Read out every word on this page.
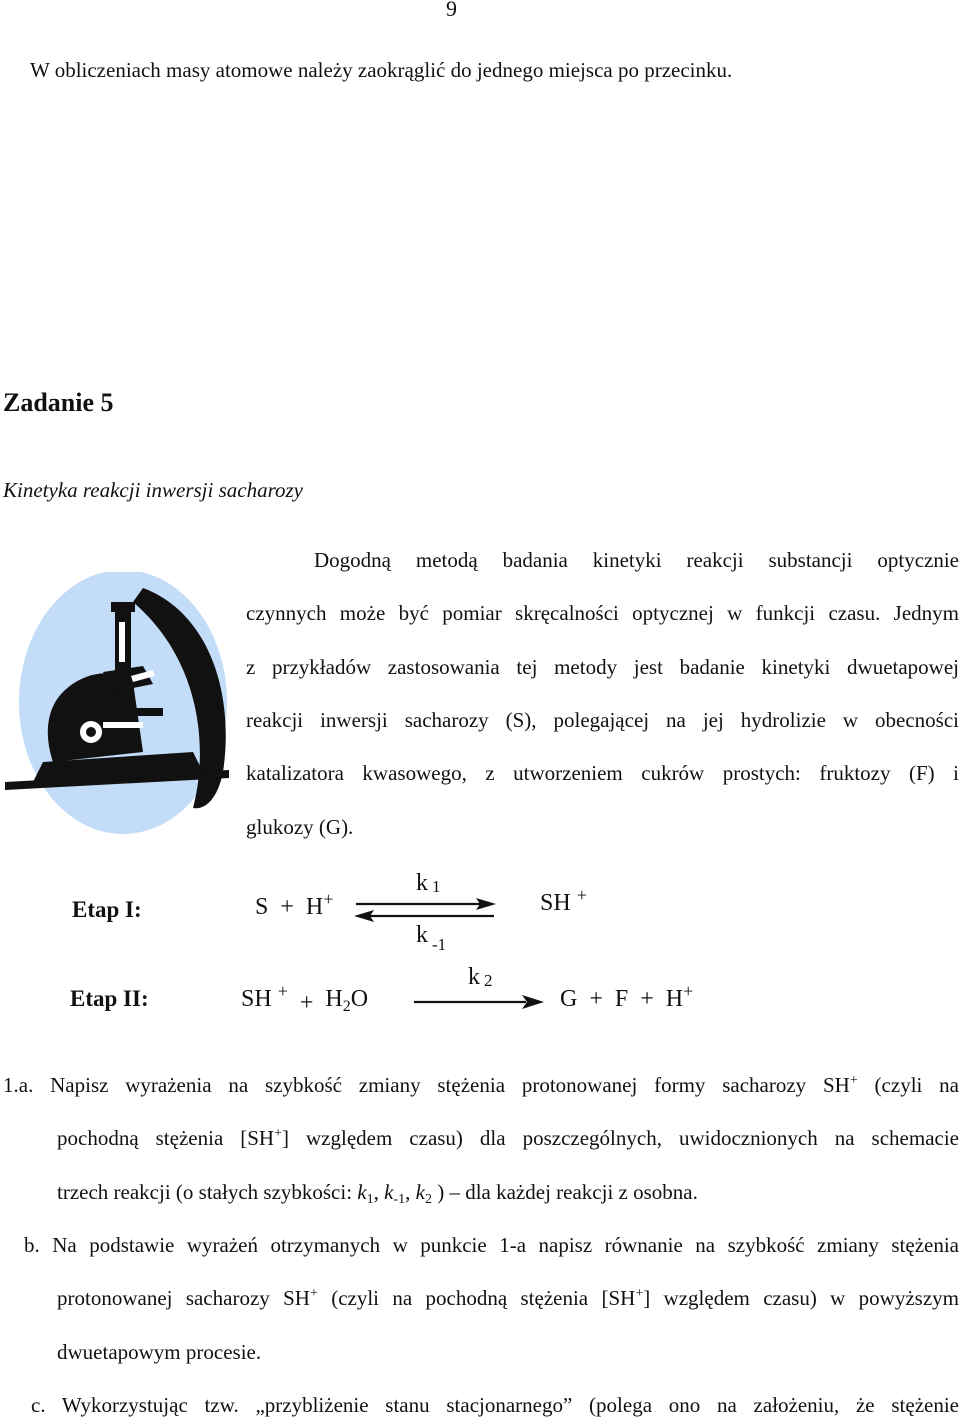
9
W obliczeniach masy atomowe należy zaokrąglić do jednego miejsca po przecinku.
Zadanie 5
Kinetyka reakcji inwersji sacharozy
Dogodną metodą badania kinetyki reakcji substancji optycznie
czynnych może być pomiar skręcalności optycznej w funkcji czasu. Jednym
z przykładów zastosowania tej metody jest badanie kinetyki dwuetapowej
reakcji inwersji sacharozy (S), polegającej na jej hydrolizie w obecności
katalizatora kwasowego, z utworzeniem cukrów prostych: fruktozy (F) i
glukozy (G).
Etap I:	S + H+
k $_1$
k $_{-1}$
SH +
Etap II:	SH $^+ + H_2O$
k $_2$
G + F + H+
1.a. Napisz wyrażenia na szybkość zmiany stężenia protonowanej formy sacharozy SH+ (czyli na
pochodną stężenia [SH+] względem czasu) dla poszczególnych, uwidocznionych na schemacie
trzech reakcji (o stałych szybkości: $k_1$, $k_{-1}$, $k_2$ ) – dla każdej reakcji z osobna.
b. Na podstawie wyrażeń otrzymanych w punkcie 1-a napisz równanie na szybkość zmiany stężenia
protonowanej sacharozy SH+ (czyli na pochodną stężenia [SH+] względem czasu) w powyższym
dwuetapowym procesie.
c. Wykorzystując tzw. „przybliżenie stanu stacjonarnego” (polega ono na założeniu, że stężenie
